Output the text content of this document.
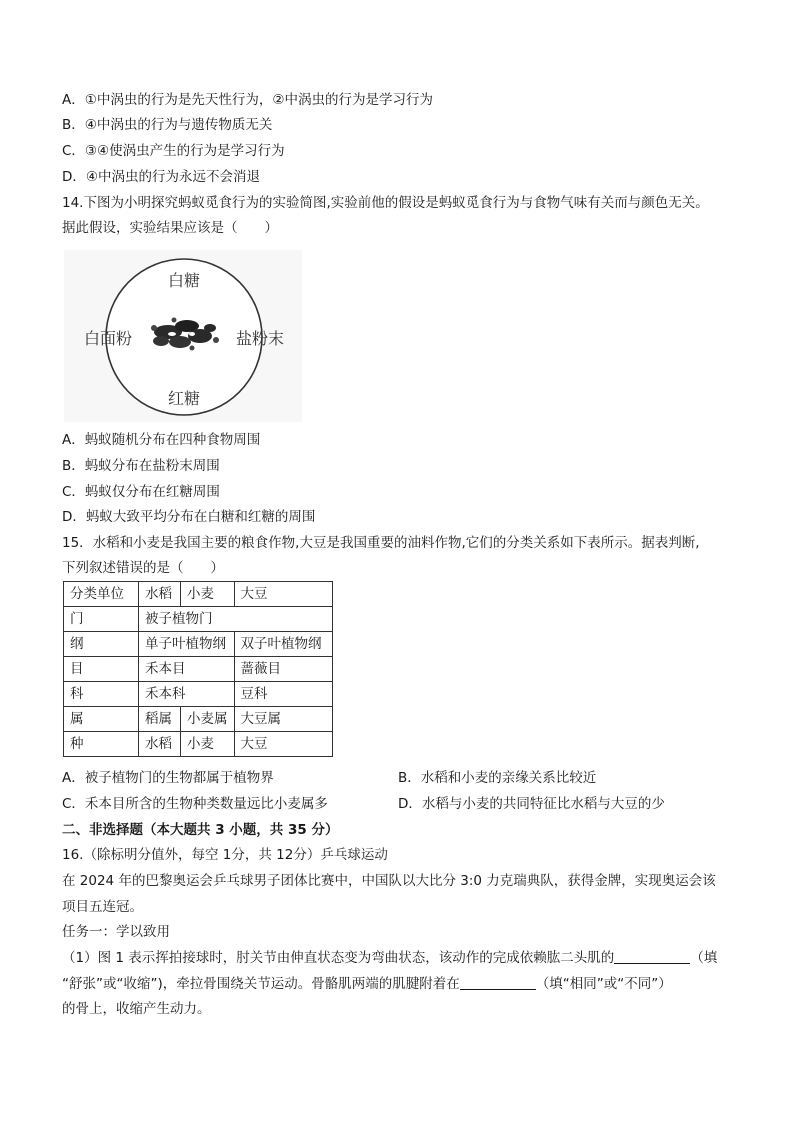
A．①中涡虫的行为是先天性行为，②中涡虫的行为是学习行为
B．④中涡虫的行为与遗传物质无关
C．③④使涡虫产生的行为是学习行为
D．④中涡虫的行为永远不会消退
14.下图为小明探究蚂蚁觅食行为的实验简图,实验前他的假设是蚂蚁觅食行为与食物气味有关而与颜色无关。
据此假设，实验结果应该是（　　）
白糖
白面粉	盐粉末
红糖
A．蚂蚁随机分布在四种食物周围
B．蚂蚁分布在盐粉末周围
C．蚂蚁仅分布在红糖周围
D．蚂蚁大致平均分布在白糖和红糖的周围
15．水稻和小麦是我国主要的粮食作物,大豆是我国重要的油料作物,它们的分类关系如下表所示。据表判断,
下列叙述错误的是（　　）
分类单位	水稻	小麦	大豆
门	被子植物门		
纲	单子叶植物纲		双子叶植物纲
目	禾本目		蔷薇目
科	禾本科		豆科
属	稻属	小麦属	大豆属
种	水稻	小麦	大豆
A．被子植物门的生物都属于植物界	B．水稻和小麦的亲缘关系比较近
C．禾本目所含的生物种类数量远比小麦属多	D．水稻与小麦的共同特征比水稻与大豆的少
二、非选择题（本大题共 3 小题，共 35 分）
16.（除标明分值外，每空 1分，共 12分）乒乓球运动
在 2024 年的巴黎奥运会乒乓球男子团体比赛中，中国队以大比分 3:0 力克瑞典队，获得金牌，实现奥运会该
项目五连冠。
任务一：学以致用
（1）图 1 表示挥拍接球时，肘关节由伸直状态变为弯曲状态，该动作的完成依赖肱二头肌的	（填
“舒张”或“收缩”)，牵拉骨围绕关节运动。骨骼肌两端的肌腱附着在	（填“相同”或“不同”）
的骨上，收缩产生动力。
